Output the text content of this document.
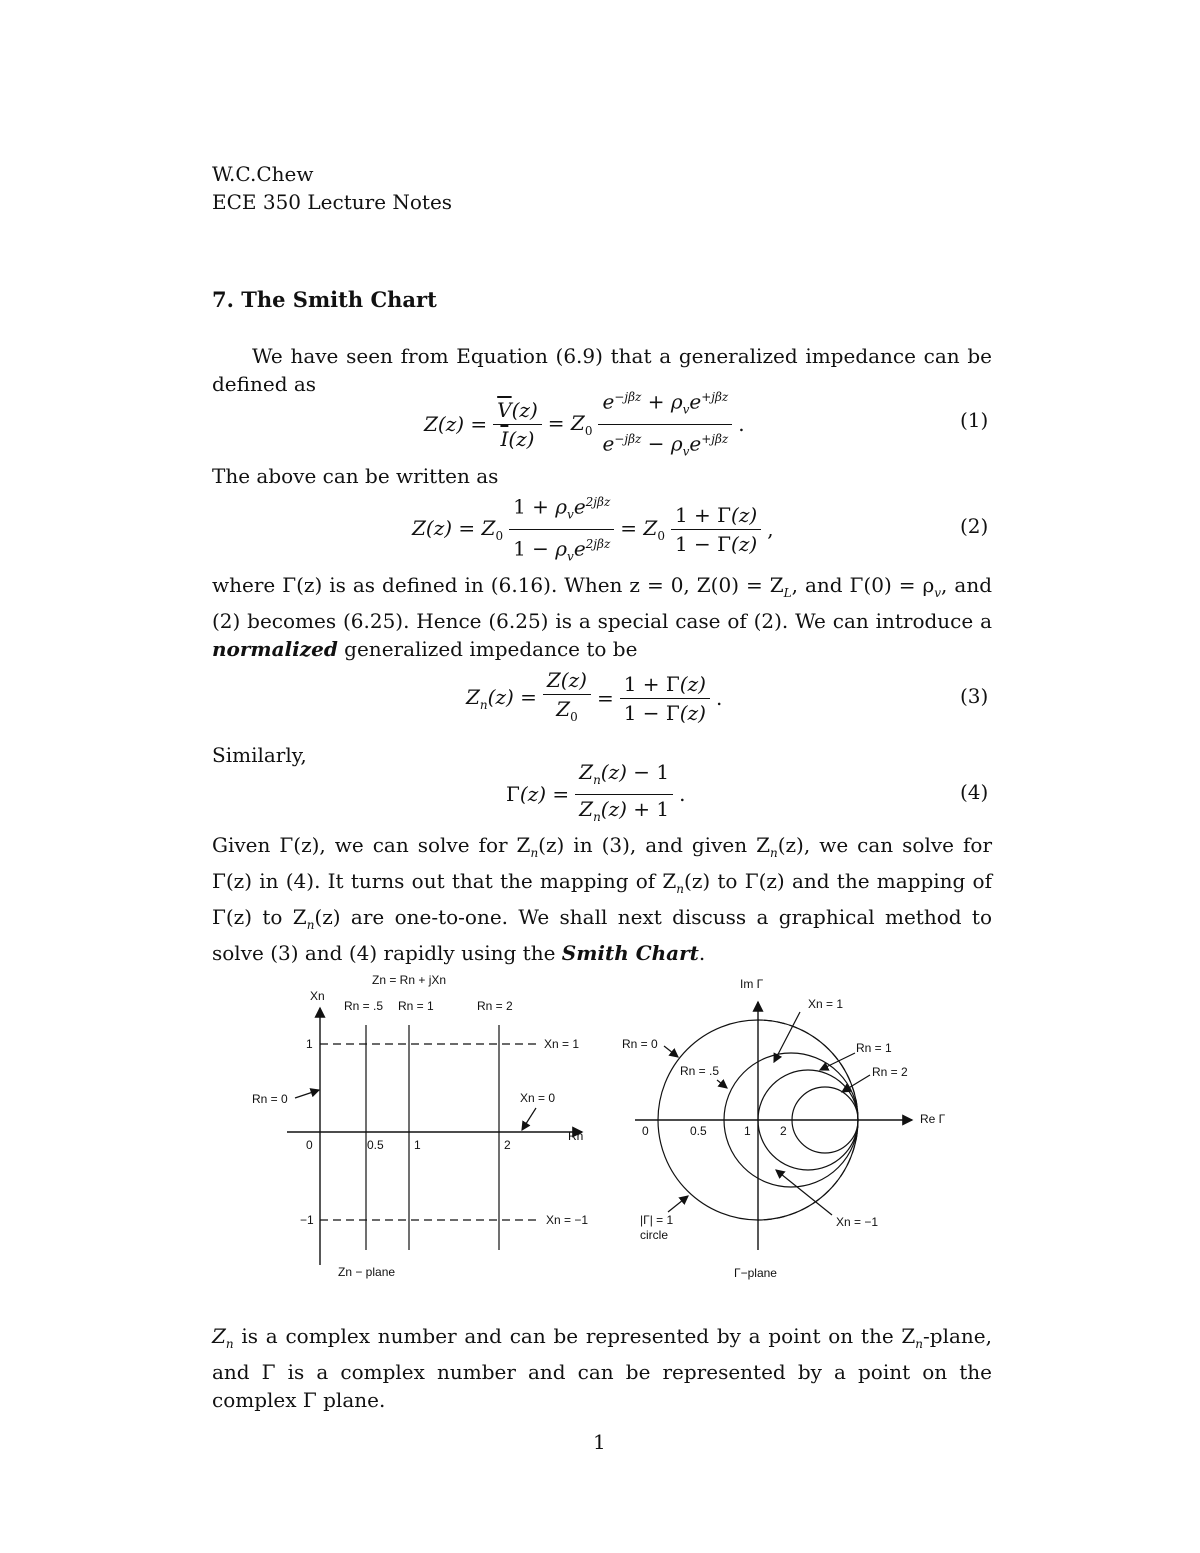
W.C.Chew
ECE 350 Lecture Notes
7. The Smith Chart
We have seen from Equation (6.9) that a generalized impedance can be defined as
$Z(z) = \frac{\overline{V}(z)}{\overline{I}(z)} = Z_0 \frac{e^{-j\beta z} + \rho_ve^{+j\beta z}}{e^{-j\beta z} - \rho_ve^{+j\beta z}}$ .	(1)
The above can be written as
$Z(z) = Z_0 \frac{1 + \rho_ve^{2j\beta z}}{1 - \rho_ve^{2j\beta z}} = Z_0 \frac{1 + \Gamma(z)}{1 - \Gamma(z)}$ ,	(2)
where Γ(z) is as defined in (6.16). When z = 0, $Z(0) = Z_L$, and $\Gamma(0) = \rho_v$, and (2) becomes (6.25). Hence (6.25) is a special case of (2). We can introduce a normalized generalized impedance to be
$Z_n(z) = \frac{Z(z)}{Z_0} = \frac{1 + \Gamma(z)}{1 - \Gamma(z)}$ .	(3)
Similarly,
$\Gamma(z) = \frac{Z_n(z) - 1}{Z_n(z) + 1}$ .	(4)
Given Γ(z), we can solve for $Z_n(z)$ in (3), and given $Z_n(z)$, we can solve for Γ(z) in (4). It turns out that the mapping of $Z_n(z)$ to Γ(z) and the mapping of Γ(z) to $Z_n(z)$ are one-to-one. We shall next discuss a graphical method to solve (3) and (4) rapidly using the Smith Chart.
Zn = Rn + jXn
Xn
Rn
Rn = .5 Rn = 1	Rn = 2
0	0.5	1	2
1
−1
Xn = 1
Xn = 0
Xn = −1
Rn = 0
Zn − plane
Im Γ
Re Γ
Xn = 1
Xn = −1
Rn = 0
Rn = .5
Rn = 1
Rn = 2
0	0.5	1 2
|Γ| = 1
circle
Γ−plane
$Z_n$ is a complex number and can be represented by a point on the $Z_n$-plane, and Γ is a complex number and can be represented by a point on the complex Γ plane.
1
